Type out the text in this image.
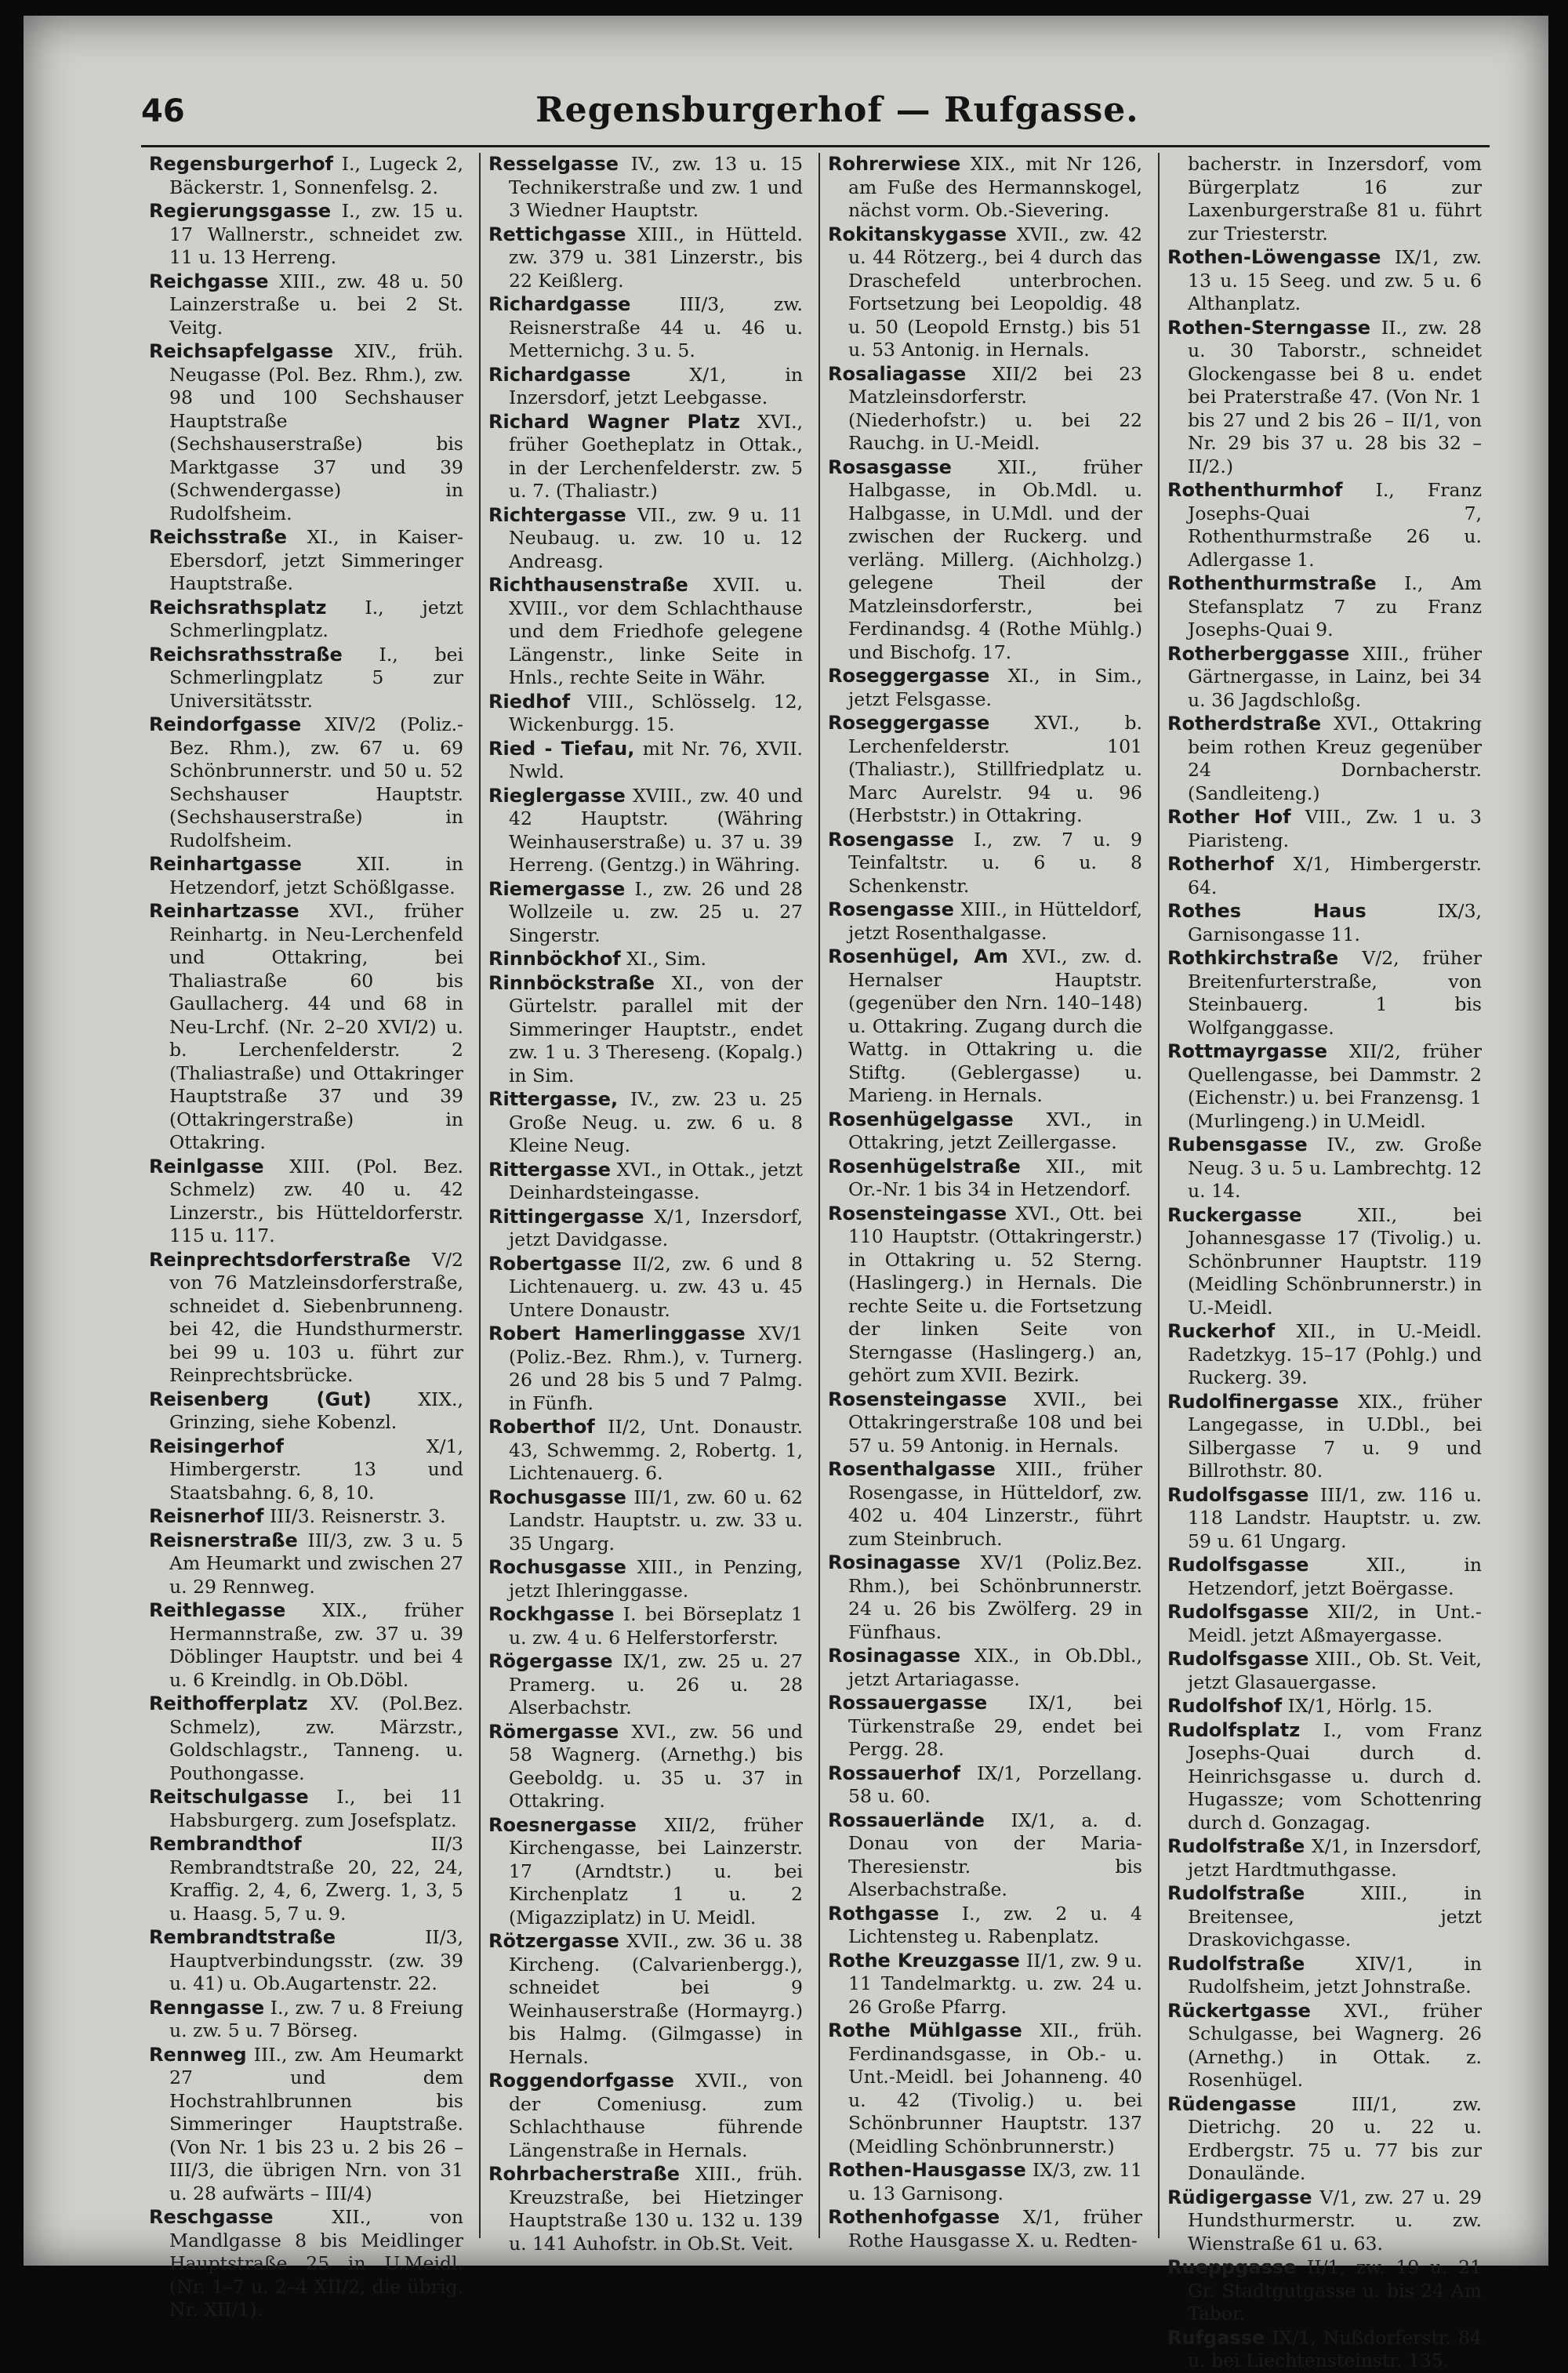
46	Regensburgerhof — Rufgasse.

Regensburgerhof I., Lugeck 2, Bäckerstr. 1, Sonnenfelsg. 2.

Regierungsgasse I., zw. 15 u. 17 Wallnerstr., schneidet zw. 11 u. 13 Herreng.

Reichgasse XIII., zw. 48 u. 50 Lainzerstraße u. bei 2 St. Veitg.

Reichsapfelgasse XIV., früh. Neugasse (Pol. Bez. Rhm.), zw. 98 und 100 Sechshauser Hauptstraße (Sechshauserstraße) bis Marktgasse 37 und 39 (Schwendergasse) in Rudolfsheim.

Reichsstraße XI., in Kaiser-Ebersdorf, jetzt Simmeringer Hauptstraße.

Reichsrathsplatz I., jetzt Schmerlingplatz.

Reichsrathsstraße I., bei Schmerlingplatz 5 zur Universitätsstr.

Reindorfgasse XIV/2 (Poliz.-Bez. Rhm.), zw. 67 u. 69 Schönbrunnerstr. und 50 u. 52 Sechshauser Hauptstr. (Sechshauserstraße) in Rudolfsheim.

Reinhartgasse XII. in Hetzendorf, jetzt Schößlgasse.

Reinhartzasse XVI., früher Reinhartg. in Neu-Lerchenfeld und Ottakring, bei Thaliastraße 60 bis Gaullacherg. 44 und 68 in Neu-Lrchf. (Nr. 2–20 XVI/2) u. b. Lerchenfelderstr. 2 (Thaliastraße) und Ottakringer Hauptstraße 37 und 39 (Ottakringerstraße) in Ottakring.

Reinlgasse XIII. (Pol. Bez. Schmelz) zw. 40 u. 42 Linzerstr., bis Hütteldorferstr. 115 u. 117.

Reinprechtsdorferstraße V/2 von 76 Matzleinsdorferstraße, schneidet d. Siebenbrunneng. bei 42, die Hundsthurmerstr. bei 99 u. 103 u. führt zur Reinprechtsbrücke.

Reisenberg (Gut) XIX., Grinzing, siehe Kobenzl.

Reisingerhof X/1, Himbergerstr. 13 und Staatsbahng. 6, 8, 10.

Reisnerhof III/3. Reisnerstr. 3.

Reisnerstraße III/3, zw. 3 u. 5 Am Heumarkt und zwischen 27 u. 29 Rennweg.

Reithlegasse XIX., früher Hermannstraße, zw. 37 u. 39 Döblinger Hauptstr. und bei 4 u. 6 Kreindlg. in Ob.Döbl.

Reithofferplatz XV. (Pol.Bez. Schmelz), zw. Märzstr., Goldschlagstr., Tanneng. u. Pouthongasse.

Reitschulgasse I., bei 11 Habsburgerg. zum Josefsplatz.

Rembrandthof II/3 Rembrandtstraße 20, 22, 24, Kraffig. 2, 4, 6, Zwerg. 1, 3, 5 u. Haasg. 5, 7 u. 9.

Rembrandtstraße II/3, Hauptverbindungsstr. (zw. 39 u. 41) u. Ob.Augartenstr. 22.

Renngasse I., zw. 7 u. 8 Freiung u. zw. 5 u. 7 Börseg.

Rennweg III., zw. Am Heumarkt 27 und dem Hochstrahlbrunnen bis Simmeringer Hauptstraße. (Von Nr. 1 bis 23 u. 2 bis 26 – III/3, die übrigen Nrn. von 31 u. 28 aufwärts – III/4)

Reschgasse XII., von Mandlgasse 8 bis Meidlinger Hauptstraße 25 in U.Meidl. (Nr. 1–7 u. 2–4 XII/2, die übrig. Nr. XII/1).

Resselgasse IV., zw. 13 u. 15 Technikerstraße und zw. 1 und 3 Wiedner Hauptstr.

Rettichgasse XIII., in Hütteld. zw. 379 u. 381 Linzerstr., bis 22 Keißlerg.

Richardgasse III/3, zw. Reisnerstraße 44 u. 46 u. Metternichg. 3 u. 5.

Richardgasse X/1, in Inzersdorf, jetzt Leebgasse.

Richard Wagner Platz XVI., früher Goetheplatz in Ottak., in der Lerchenfelderstr. zw. 5 u. 7. (Thaliastr.)

Richtergasse VII., zw. 9 u. 11 Neubaug. u. zw. 10 u. 12 Andreasg.

Richthausenstraße XVII. u. XVIII., vor dem Schlachthause und dem Friedhofe gelegene Längenstr., linke Seite in Hnls., rechte Seite in Währ.

Riedhof VIII., Schlösselg. 12, Wickenburgg. 15.

Ried - Tiefau, mit Nr. 76, XVII. Nwld.

Rieglergasse XVIII., zw. 40 und 42 Hauptstr. (Währing Weinhauserstraße) u. 37 u. 39 Herreng. (Gentzg.) in Währing.

Riemergasse I., zw. 26 und 28 Wollzeile u. zw. 25 u. 27 Singerstr.

Rinnböckhof XI., Sim.

Rinnböckstraße XI., von der Gürtelstr. parallel mit der Simmeringer Hauptstr., endet zw. 1 u. 3 Thereseng. (Kopalg.) in Sim.

Rittergasse, IV., zw. 23 u. 25 Große Neug. u. zw. 6 u. 8 Kleine Neug.

Rittergasse XVI., in Ottak., jetzt Deinhardsteingasse.

Rittingergasse X/1, Inzersdorf, jetzt Davidgasse.

Robertgasse II/2, zw. 6 und 8 Lichtenauerg. u. zw. 43 u. 45 Untere Donaustr.

Robert Hamerlinggasse XV/1 (Poliz.-Bez. Rhm.), v. Turnerg. 26 und 28 bis 5 und 7 Palmg. in Fünfh.

Roberthof II/2, Unt. Donaustr. 43, Schwemmg. 2, Robertg. 1, Lichtenauerg. 6.

Rochusgasse III/1, zw. 60 u. 62 Landstr. Hauptstr. u. zw. 33 u. 35 Ungarg.

Rochusgasse XIII., in Penzing, jetzt Ihleringgasse.

Rockhgasse I. bei Börseplatz 1 u. zw. 4 u. 6 Helferstorferstr.

Rögergasse IX/1, zw. 25 u. 27 Pramerg. u. 26 u. 28 Alserbachstr.

Römergasse XVI., zw. 56 und 58 Wagnerg. (Arnethg.) bis Geeboldg. u. 35 u. 37 in Ottakring.

Roesnergasse XII/2, früher Kirchengasse, bei Lainzerstr. 17 (Arndtstr.) u. bei Kirchenplatz 1 u. 2 (Migazziplatz) in U. Meidl.

Rötzergasse XVII., zw. 36 u. 38 Kircheng. (Calvarienbergg.), schneidet bei 9 Weinhauserstraße (Hormayrg.) bis Halmg. (Gilmgasse) in Hernals.

Roggendorfgasse XVII., von der Comeniusg. zum Schlachthause führende Längenstraße in Hernals.

Rohrbacherstraße XIII., früh. Kreuzstraße, bei Hietzinger Hauptstraße 130 u. 132 u. 139 u. 141 Auhofstr. in Ob.St. Veit.

Rohrerwiese XIX., mit Nr 126, am Fuße des Hermannskogel, nächst vorm. Ob.-Sievering.

Rokitanskygasse XVII., zw. 42 u. 44 Rötzerg., bei 4 durch das Draschefeld unterbrochen. Fortsetzung bei Leopoldig. 48 u. 50 (Leopold Ernstg.) bis 51 u. 53 Antonig. in Hernals.

Rosaliagasse XII/2 bei 23 Matzleinsdorferstr. (Niederhofstr.) u. bei 22 Rauchg. in U.-Meidl.

Rosasgasse XII., früher Halbgasse, in Ob.Mdl. u. Halbgasse, in U.Mdl. und der zwischen der Ruckerg. und verläng. Millerg. (Aichholzg.) gelegene Theil der Matzleinsdorferstr., bei Ferdinandsg. 4 (Rothe Mühlg.) und Bischofg. 17.

Roseggergasse XI., in Sim., jetzt Felsgasse.

Roseggergasse XVI., b. Lerchenfelderstr. 101 (Thaliastr.), Stillfriedplatz u. Marc Aurelstr. 94 u. 96 (Herbststr.) in Ottakring.

Rosengasse I., zw. 7 u. 9 Teinfaltstr. u. 6 u. 8 Schenkenstr.

Rosengasse XIII., in Hütteldorf, jetzt Rosenthalgasse.

Rosenhügel, Am XVI., zw. d. Hernalser Hauptstr. (gegenüber den Nrn. 140–148) u. Ottakring. Zugang durch die Wattg. in Ottakring u. die Stiftg. (Geblergasse) u. Marieng. in Hernals.

Rosenhügelgasse XVI., in Ottakring, jetzt Zeillergasse.

Rosenhügelstraße XII., mit Or.-Nr. 1 bis 34 in Hetzendorf.

Rosensteingasse XVI., Ott. bei 110 Hauptstr. (Ottakringerstr.) in Ottakring u. 52 Sterng. (Haslingerg.) in Hernals. Die rechte Seite u. die Fortsetzung der linken Seite von Sterngasse (Haslingerg.) an, gehört zum XVII. Bezirk.

Rosensteingasse XVII., bei Ottakringerstraße 108 und bei 57 u. 59 Antonig. in Hernals.

Rosenthalgasse XIII., früher Rosengasse, in Hütteldorf, zw. 402 u. 404 Linzerstr., führt zum Steinbruch.

Rosinagasse XV/1 (Poliz.Bez. Rhm.), bei Schönbrunnerstr. 24 u. 26 bis Zwölferg. 29 in Fünfhaus.

Rosinagasse XIX., in Ob.Dbl., jetzt Artariagasse.

Rossauergasse IX/1, bei Türkenstraße 29, endet bei Pergg. 28.

Rossauerhof IX/1, Porzellang. 58 u. 60.

Rossauerlände IX/1, a. d. Donau von der Maria-Theresienstr. bis Alserbachstraße.

Rothgasse I., zw. 2 u. 4 Lichtensteg u. Rabenplatz.

Rothe Kreuzgasse II/1, zw. 9 u. 11 Tandelmarktg. u. zw. 24 u. 26 Große Pfarrg.

Rothe Mühlgasse XII., früh. Ferdinandsgasse, in Ob.- u. Unt.-Meidl. bei Johanneng. 40 u. 42 (Tivolig.) u. bei Schönbrunner Hauptstr. 137 (Meidling Schönbrunnerstr.)

Rothen-Hausgasse IX/3, zw. 11 u. 13 Garnisong.

Rothenhofgasse X/1, früher Rothe Hausgasse X. u. Redten-

bacherstr. in Inzersdorf, vom Bürgerplatz 16 zur Laxenburgerstraße 81 u. führt zur Triesterstr.

Rothen-Löwengasse IX/1, zw. 13 u. 15 Seeg. und zw. 5 u. 6 Althanplatz.

Rothen-Sterngasse II., zw. 28 u. 30 Taborstr., schneidet Glockengasse bei 8 u. endet bei Praterstraße 47. (Von Nr. 1 bis 27 und 2 bis 26 – II/1, von Nr. 29 bis 37 u. 28 bis 32 – II/2.)

Rothenthurmhof I., Franz Josephs-Quai 7, Rothenthurmstraße 26 u. Adlergasse 1.

Rothenthurmstraße I., Am Stefansplatz 7 zu Franz Josephs-Quai 9.

Rotherberggasse XIII., früher Gärtnergasse, in Lainz, bei 34 u. 36 Jagdschloßg.

Rotherdstraße XVI., Ottakring beim rothen Kreuz gegenüber 24 Dornbacherstr. (Sandleiteng.)

Rother Hof VIII., Zw. 1 u. 3 Piaristeng.

Rotherhof X/1, Himbergerstr. 64.

Rothes Haus IX/3, Garnisongasse 11.

Rothkirchstraße V/2, früher Breitenfurterstraße, von Steinbauerg. 1 bis Wolfganggasse.

Rottmayrgasse XII/2, früher Quellengasse, bei Dammstr. 2 (Eichenstr.) u. bei Franzensg. 1 (Murlingeng.) in U.Meidl.

Rubensgasse IV., zw. Große Neug. 3 u. 5 u. Lambrechtg. 12 u. 14.

Ruckergasse XII., bei Johannesgasse 17 (Tivolig.) u. Schönbrunner Hauptstr. 119 (Meidling Schönbrunnerstr.) in U.-Meidl.

Ruckerhof XII., in U.-Meidl. Radetzkyg. 15–17 (Pohlg.) und Ruckerg. 39.

Rudolfinergasse XIX., früher Langegasse, in U.Dbl., bei Silbergasse 7 u. 9 und Billrothstr. 80.

Rudolfsgasse III/1, zw. 116 u. 118 Landstr. Hauptstr. u. zw. 59 u. 61 Ungarg.

Rudolfsgasse XII., in Hetzendorf, jetzt Boërgasse.

Rudolfsgasse XII/2, in Unt.-Meidl. jetzt Aßmayergasse.

Rudolfsgasse XIII., Ob. St. Veit, jetzt Glasauergasse.

Rudolfshof IX/1, Hörlg. 15.

Rudolfsplatz I., vom Franz Josephs-Quai durch d. Heinrichsgasse u. durch d. Hugassze; vom Schottenring durch d. Gonzagag.

Rudolfstraße X/1, in Inzersdorf, jetzt Hardtmuthgasse.

Rudolfstraße XIII., in Breitensee, jetzt Draskovichgasse.

Rudolfstraße XIV/1, in Rudolfsheim, jetzt Johnstraße.

Rückertgasse XVI., früher Schulgasse, bei Wagnerg. 26 (Arnethg.) in Ottak. z. Rosenhügel.

Rüdengasse III/1, zw. Dietrichg. 20 u. 22 u. Erdbergstr. 75 u. 77 bis zur Donaulände.

Rüdigergasse V/1, zw. 27 u. 29 Hundsthurmerstr. u. zw. Wienstraße 61 u. 63.

Rueppgasse II/1, zw. 19 u. 21 Gr. Stadtgutgasse u. bis 24 Am Tabor.

Rufgasse IX/1, Nußdorferstr. 84 u. bei Liechtensteinstr. 135.
